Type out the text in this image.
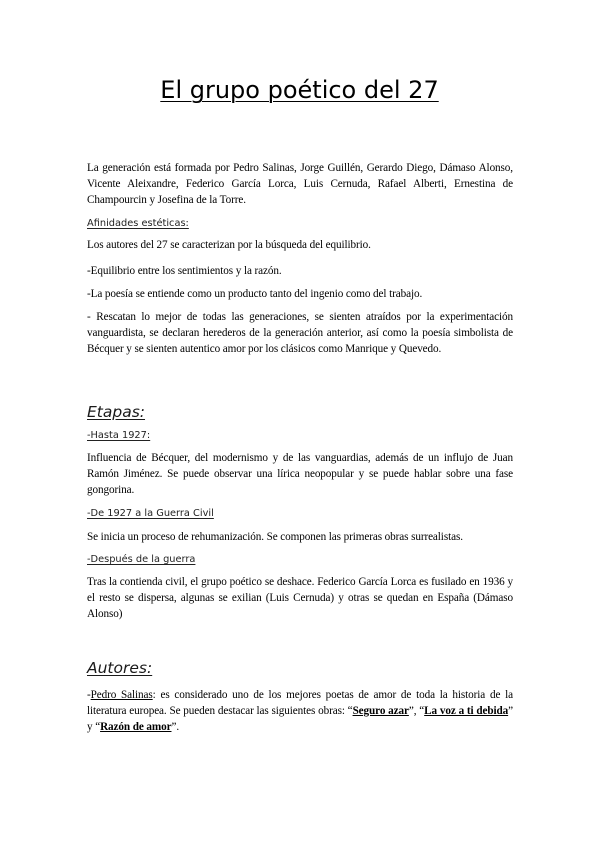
El grupo poético del 27

La generación está formada por Pedro Salinas, Jorge Guillén, Gerardo Diego, Dámaso Alonso, Vicente Aleixandre, Federico García Lorca, Luis Cernuda, Rafael Alberti, Ernestina de Champourcin y Josefina de la Torre.

Afinidades estéticas:

Los autores del 27 se caracterizan por la búsqueda del equilibrio.

-Equilibrio entre los sentimientos y la razón.

-La poesía se entiende como un producto tanto del ingenio como del trabajo.

- Rescatan lo mejor de todas las generaciones, se sienten atraídos por la experimentación vanguardista, se declaran herederos de la generación anterior, así como la poesía simbolista de Bécquer y se sienten autentico amor por los clásicos como Manrique y Quevedo.

Etapas:

-Hasta 1927:

Influencia de Bécquer, del modernismo y de las vanguardias, además de un influjo de Juan Ramón Jiménez. Se puede observar una lírica neopopular y se puede hablar sobre una fase gongorina.

-De 1927 a la Guerra Civil

Se inicia un proceso de rehumanización. Se componen las primeras obras surrealistas.

-Después de la guerra

Tras la contienda civil, el grupo poético se deshace. Federico García Lorca es fusilado en 1936 y el resto se dispersa, algunas se exilian (Luis Cernuda) y otras se quedan en España (Dámaso Alonso)

Autores:

-Pedro Salinas: es considerado uno de los mejores poetas de amor de toda la historia de la literatura europea. Se pueden destacar las siguientes obras: “Seguro azar”, “La voz a ti debida” y “Razón de amor”.
